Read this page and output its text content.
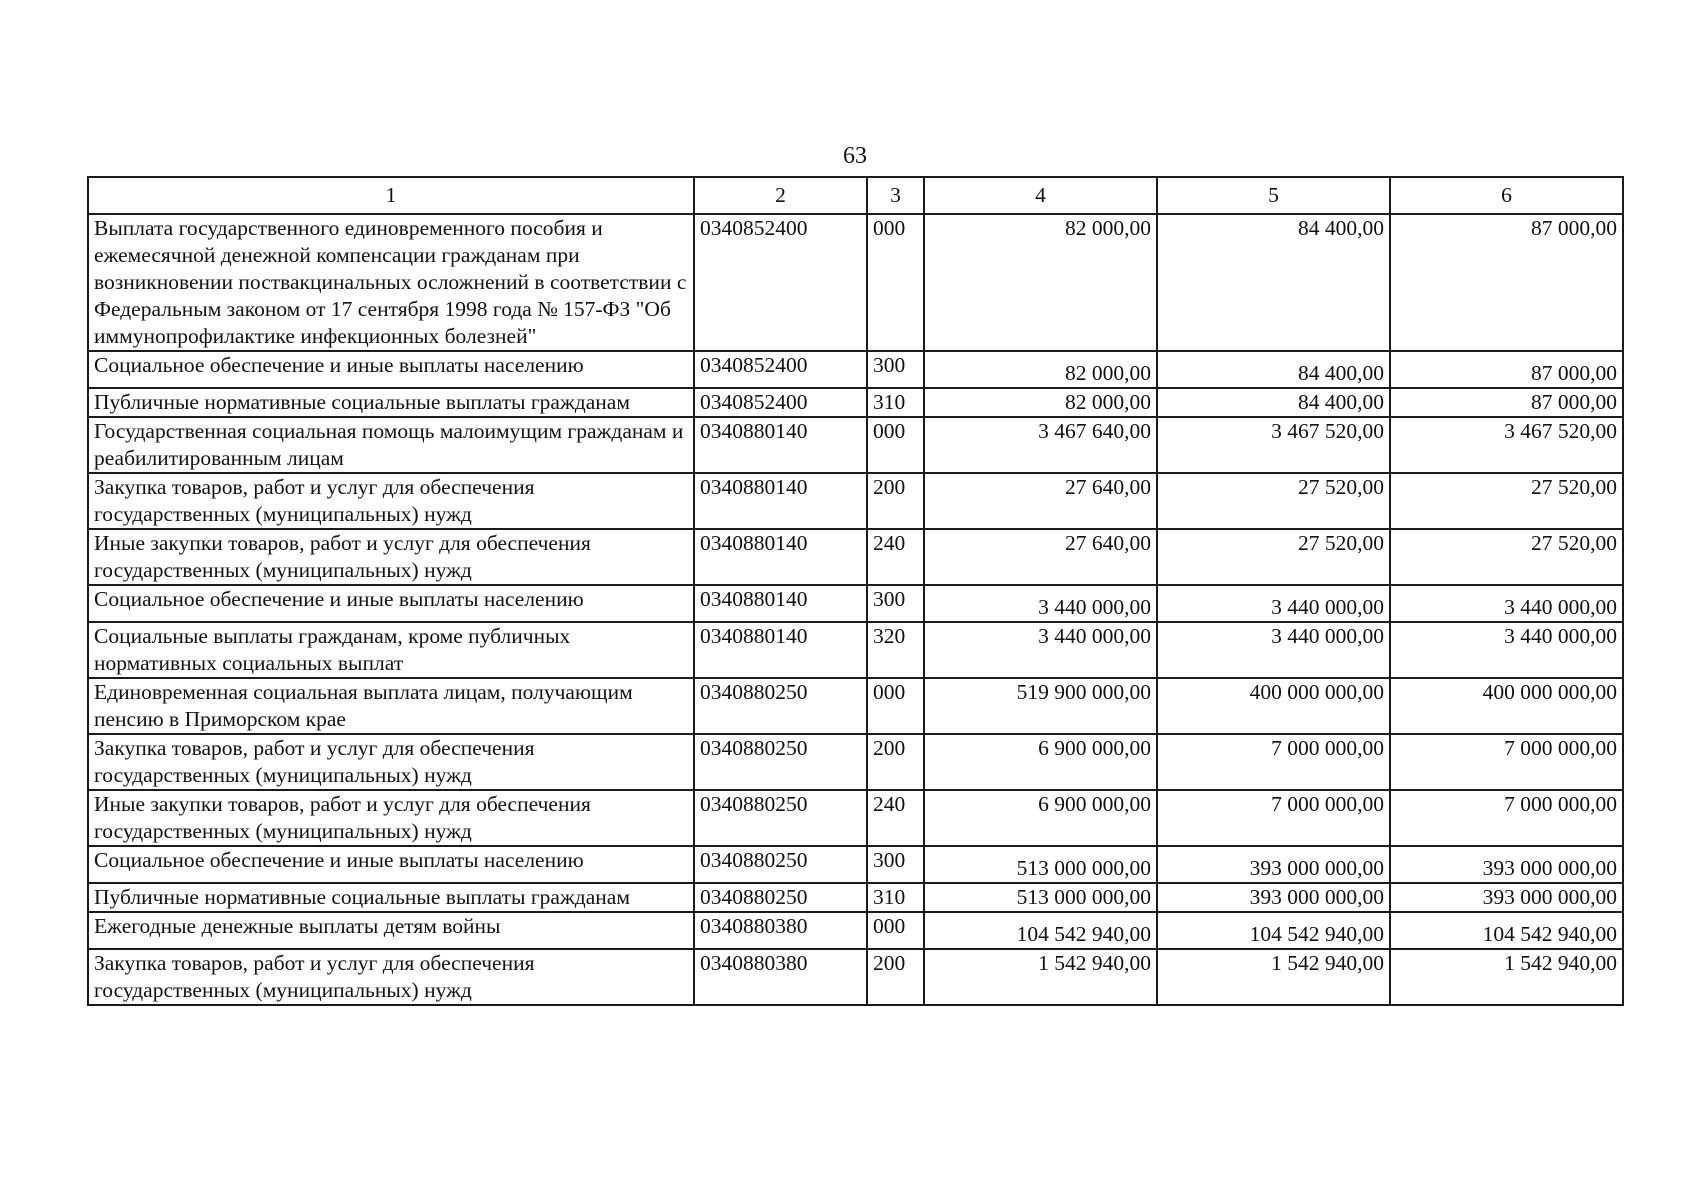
63
1	2	3	4	5	6
Выплата государственного единовременного пособия и ежемесячной денежной компенсации гражданам при возникновении поствакцинальных осложнений в соответствии с Федеральным законом от 17 сентября 1998 года № 157-ФЗ "Об иммунопрофилактике инфекционных болезней"	0340852400	000	82 000,00	84 400,00	87 000,00
Социальное обеспечение и иные выплаты населению	0340852400	300	82 000,00	84 400,00	87 000,00
Публичные нормативные социальные выплаты гражданам	0340852400	310	82 000,00	84 400,00	87 000,00
Государственная социальная помощь малоимущим гражданам и реабилитированным лицам	0340880140	000	3 467 640,00	3 467 520,00	3 467 520,00
Закупка товаров, работ и услуг для обеспечения государственных (муниципальных) нужд	0340880140	200	27 640,00	27 520,00	27 520,00
Иные закупки товаров, работ и услуг для обеспечения государственных (муниципальных) нужд	0340880140	240	27 640,00	27 520,00	27 520,00
Социальное обеспечение и иные выплаты населению	0340880140	300	3 440 000,00	3 440 000,00	3 440 000,00
Социальные выплаты гражданам, кроме публичных нормативных социальных выплат	0340880140	320	3 440 000,00	3 440 000,00	3 440 000,00
Единовременная социальная выплата лицам, получающим пенсию в Приморском крае	0340880250	000	519 900 000,00	400 000 000,00	400 000 000,00
Закупка товаров, работ и услуг для обеспечения государственных (муниципальных) нужд	0340880250	200	6 900 000,00	7 000 000,00	7 000 000,00
Иные закупки товаров, работ и услуг для обеспечения государственных (муниципальных) нужд	0340880250	240	6 900 000,00	7 000 000,00	7 000 000,00
Социальное обеспечение и иные выплаты населению	0340880250	300	513 000 000,00	393 000 000,00	393 000 000,00
Публичные нормативные социальные выплаты гражданам	0340880250	310	513 000 000,00	393 000 000,00	393 000 000,00
Ежегодные денежные выплаты детям войны	0340880380	000	104 542 940,00	104 542 940,00	104 542 940,00
Закупка товаров, работ и услуг для обеспечения государственных (муниципальных) нужд	0340880380	200	1 542 940,00	1 542 940,00	1 542 940,00
